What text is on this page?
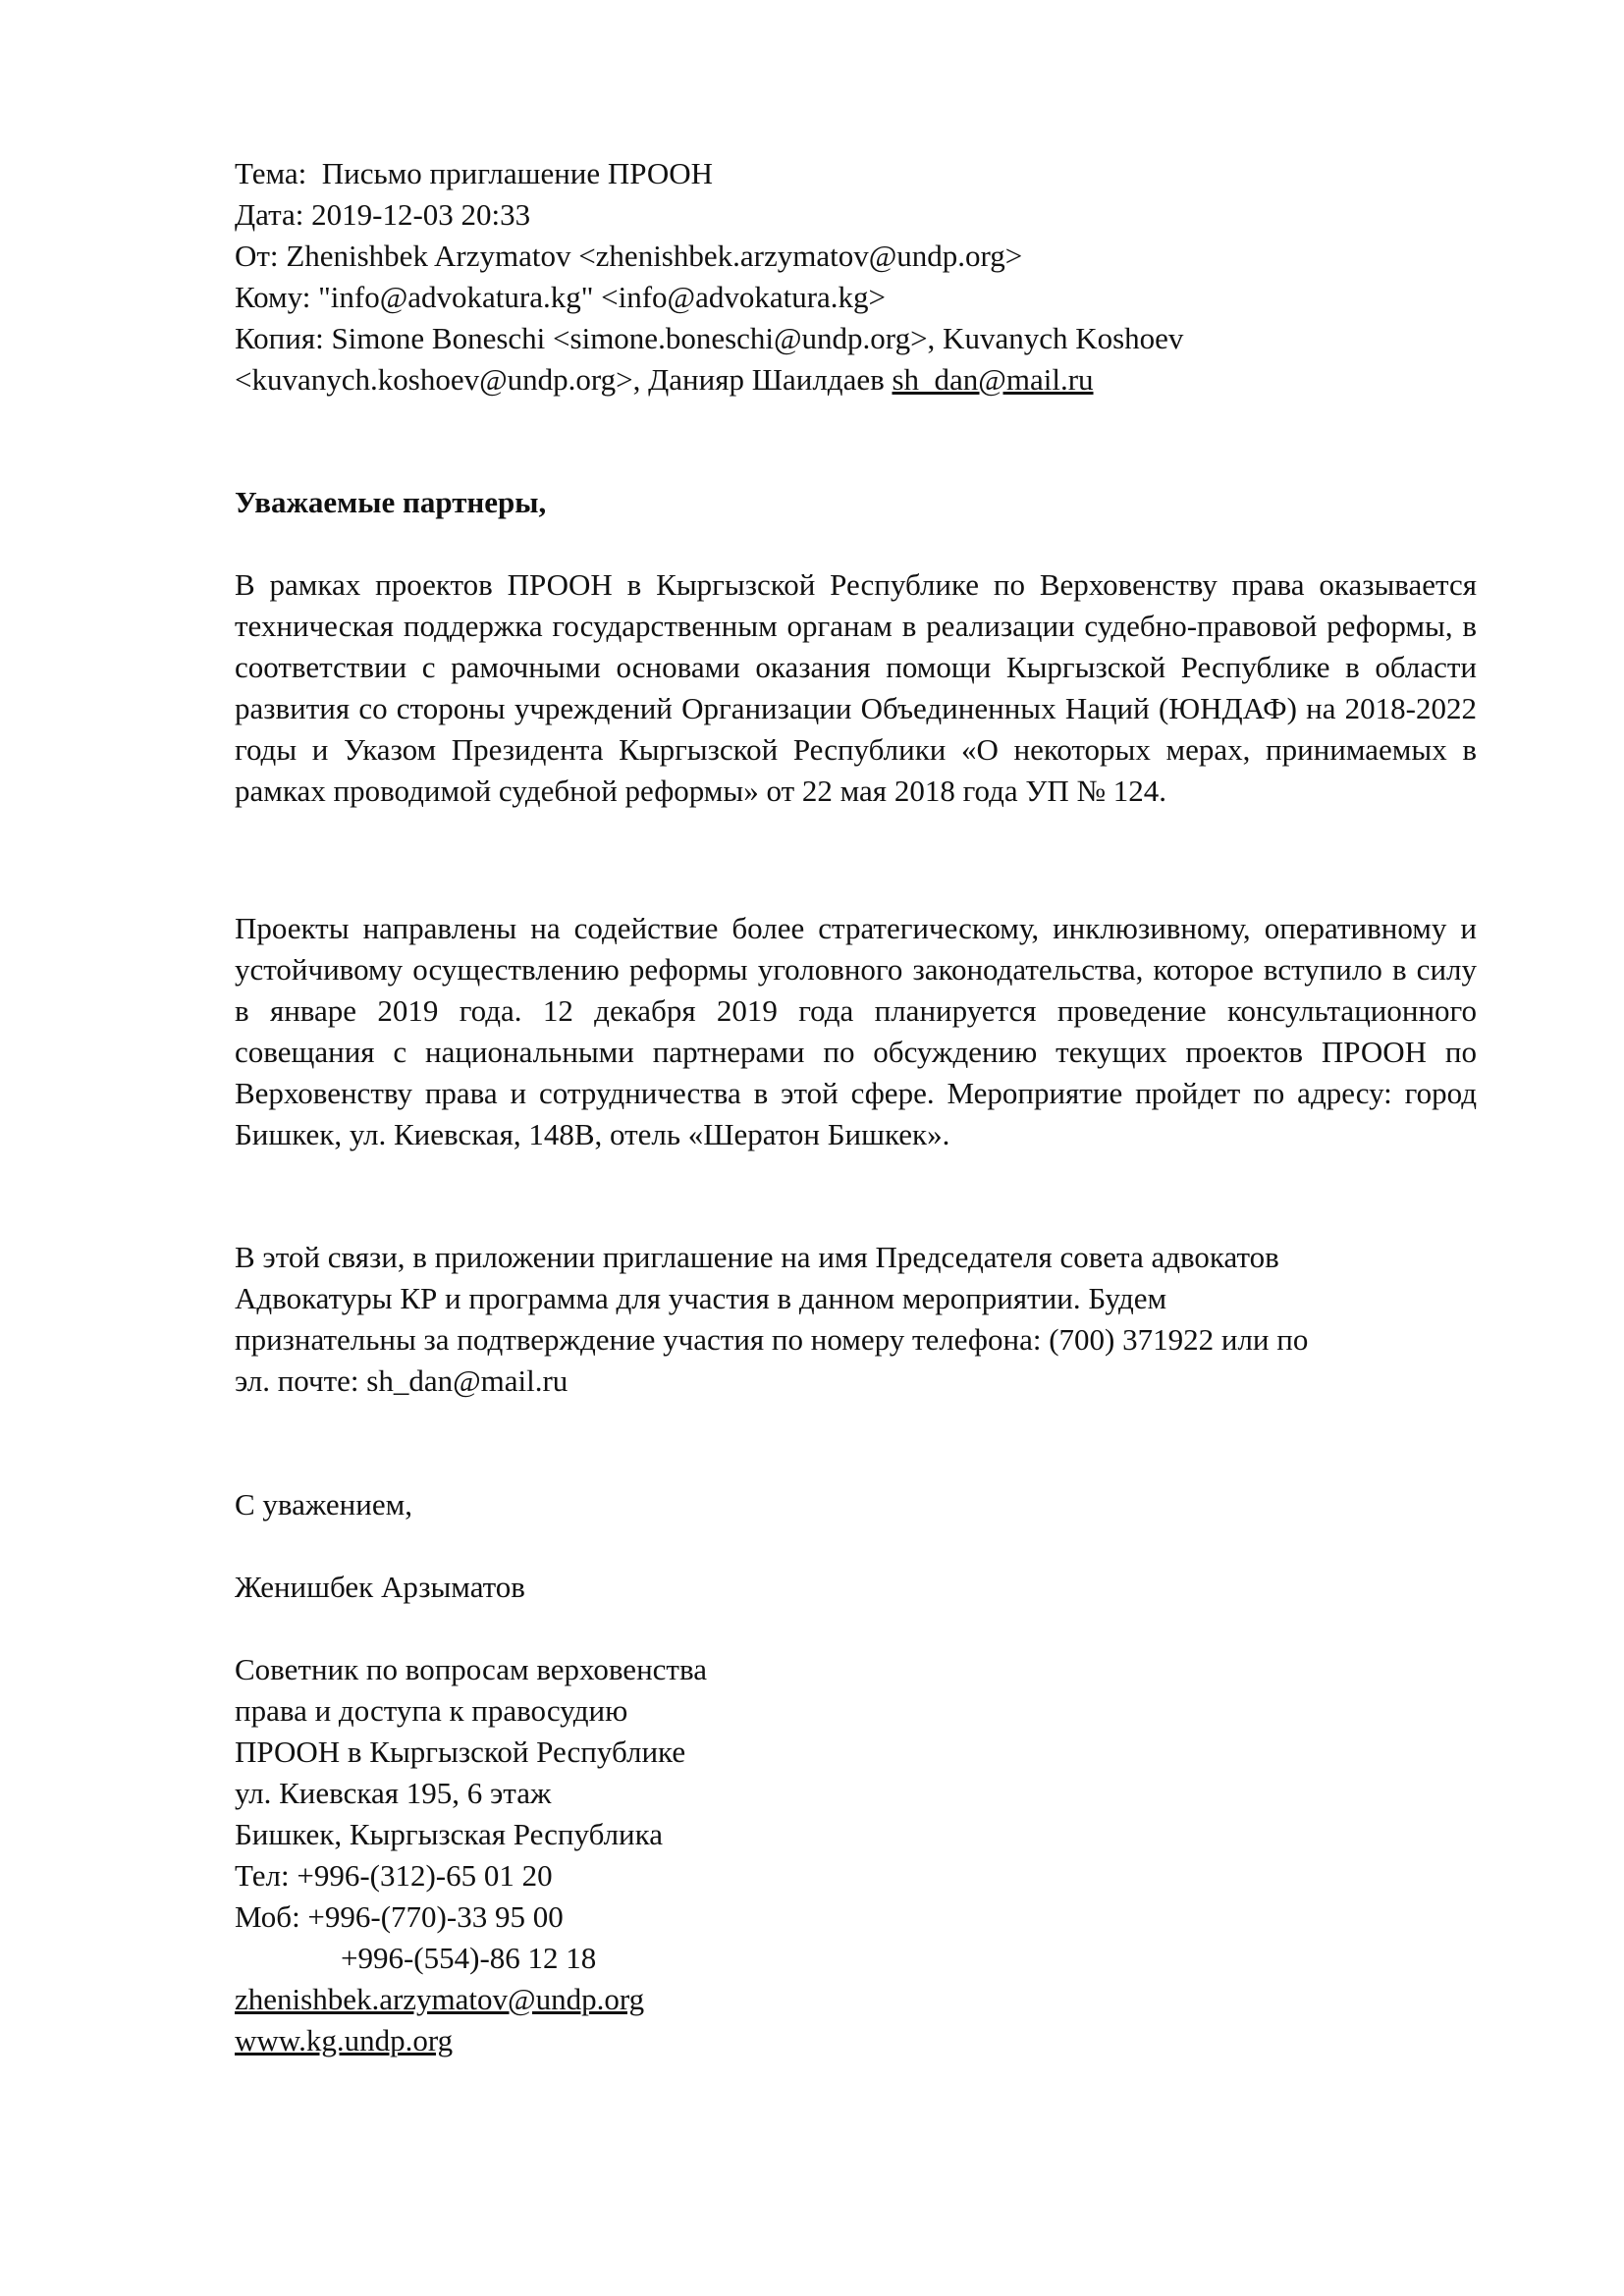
Тема: Письмо приглашение ПРООН
Дата: 2019-12-03 20:33
От: Zhenishbek Arzymatov <zhenishbek.arzymatov@undp.org>
Кому: "info@advokatura.kg" <info@advokatura.kg>
Копия: Simone Boneschi <simone.boneschi@undp.org>, Kuvanych Koshoev
<kuvanych.koshoev@undp.org>, Данияр Шаилдаев sh_dan@mail.ru
Уважаемые партнеры,
В рамках проектов ПРООН в Кыргызской Республике по Верховенству права оказывается техническая поддержка государственным органам в реализации судебно-правовой реформы, в соответствии с рамочными основами оказания помощи Кыргызской Республике в области развития со стороны учреждений Организации Объединенных Наций (ЮНДАФ) на 2018-2022 годы и Указом Президента Кыргызской Республики «О некоторых мерах, принимаемых в рамках проводимой судебной реформы» от 22 мая 2018 года УП № 124.
Проекты направлены на содействие более стратегическому, инклюзивному, оперативному и устойчивому осуществлению реформы уголовного законодательства, которое вступило в силу в январе 2019 года. 12 декабря 2019 года планируется проведение консультационного совещания с национальными партнерами по обсуждению текущих проектов ПРООН по Верховенству права и сотрудничества в этой сфере. Мероприятие пройдет по адресу: город Бишкек, ул. Киевская, 148В, отель «Шератон Бишкек».
В этой связи, в приложении приглашение на имя Председателя совета адвокатов
Адвокатуры КР и программа для участия в данном мероприятии. Будем
признательны за подтверждение участия по номеру телефона: (700) 371922 или по
эл. почте: sh_dan@mail.ru
С уважением,
Женишбек Арзыматов
Советник по вопросам верховенства
права и доступа к правосудию
ПРООН в Кыргызской Республике
ул. Киевская 195, 6 этаж
Бишкек, Кыргызская Республика
Тел: +996-(312)-65 01 20
Моб: +996-(770)-33 95 00
+996-(554)-86 12 18
zhenishbek.arzymatov@undp.org
www.kg.undp.org
